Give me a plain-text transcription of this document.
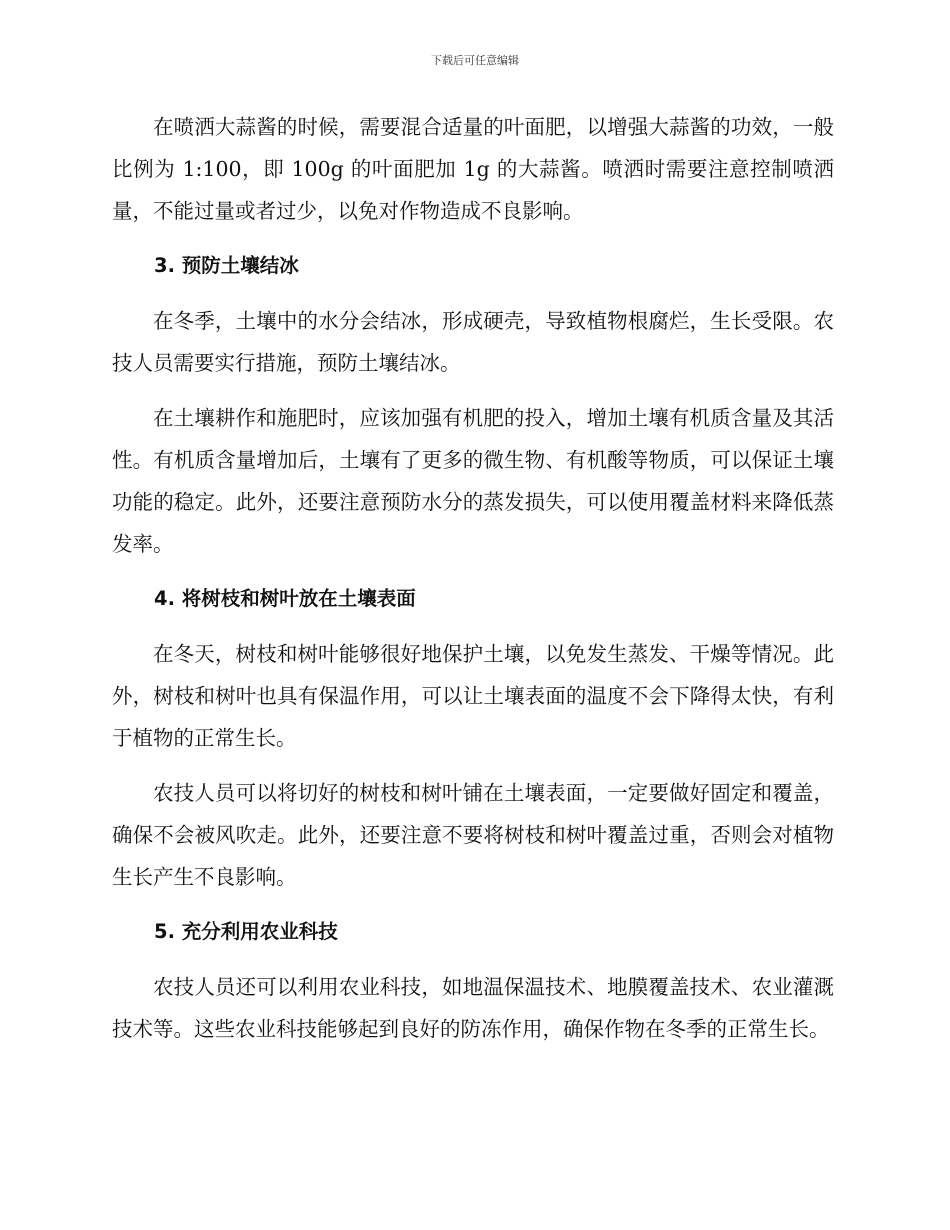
下载后可任意编辑

在喷洒大蒜酱的时候，需要混合适量的叶面肥，以增强大蒜酱的功效，一般比例为 1:100，即 100g 的叶面肥加 1g 的大蒜酱。喷洒时需要注意控制喷洒量，不能过量或者过少，以免对作物造成不良影响。

3. 预防土壤结冰

在冬季，土壤中的水分会结冰，形成硬壳，导致植物根腐烂，生长受限。农技人员需要实行措施，预防土壤结冰。

在土壤耕作和施肥时，应该加强有机肥的投入，增加土壤有机质含量及其活性。有机质含量增加后，土壤有了更多的微生物、有机酸等物质，可以保证土壤功能的稳定。此外，还要注意预防水分的蒸发损失，可以使用覆盖材料来降低蒸发率。

4. 将树枝和树叶放在土壤表面

在冬天，树枝和树叶能够很好地保护土壤，以免发生蒸发、干燥等情况。此外，树枝和树叶也具有保温作用，可以让土壤表面的温度不会下降得太快，有利于植物的正常生长。

农技人员可以将切好的树枝和树叶铺在土壤表面，一定要做好固定和覆盖，确保不会被风吹走。此外，还要注意不要将树枝和树叶覆盖过重，否则会对植物生长产生不良影响。

5. 充分利用农业科技

农技人员还可以利用农业科技，如地温保温技术、地膜覆盖技术、农业灌溉技术等。这些农业科技能够起到良好的防冻作用，确保作物在冬季的正常生长。
